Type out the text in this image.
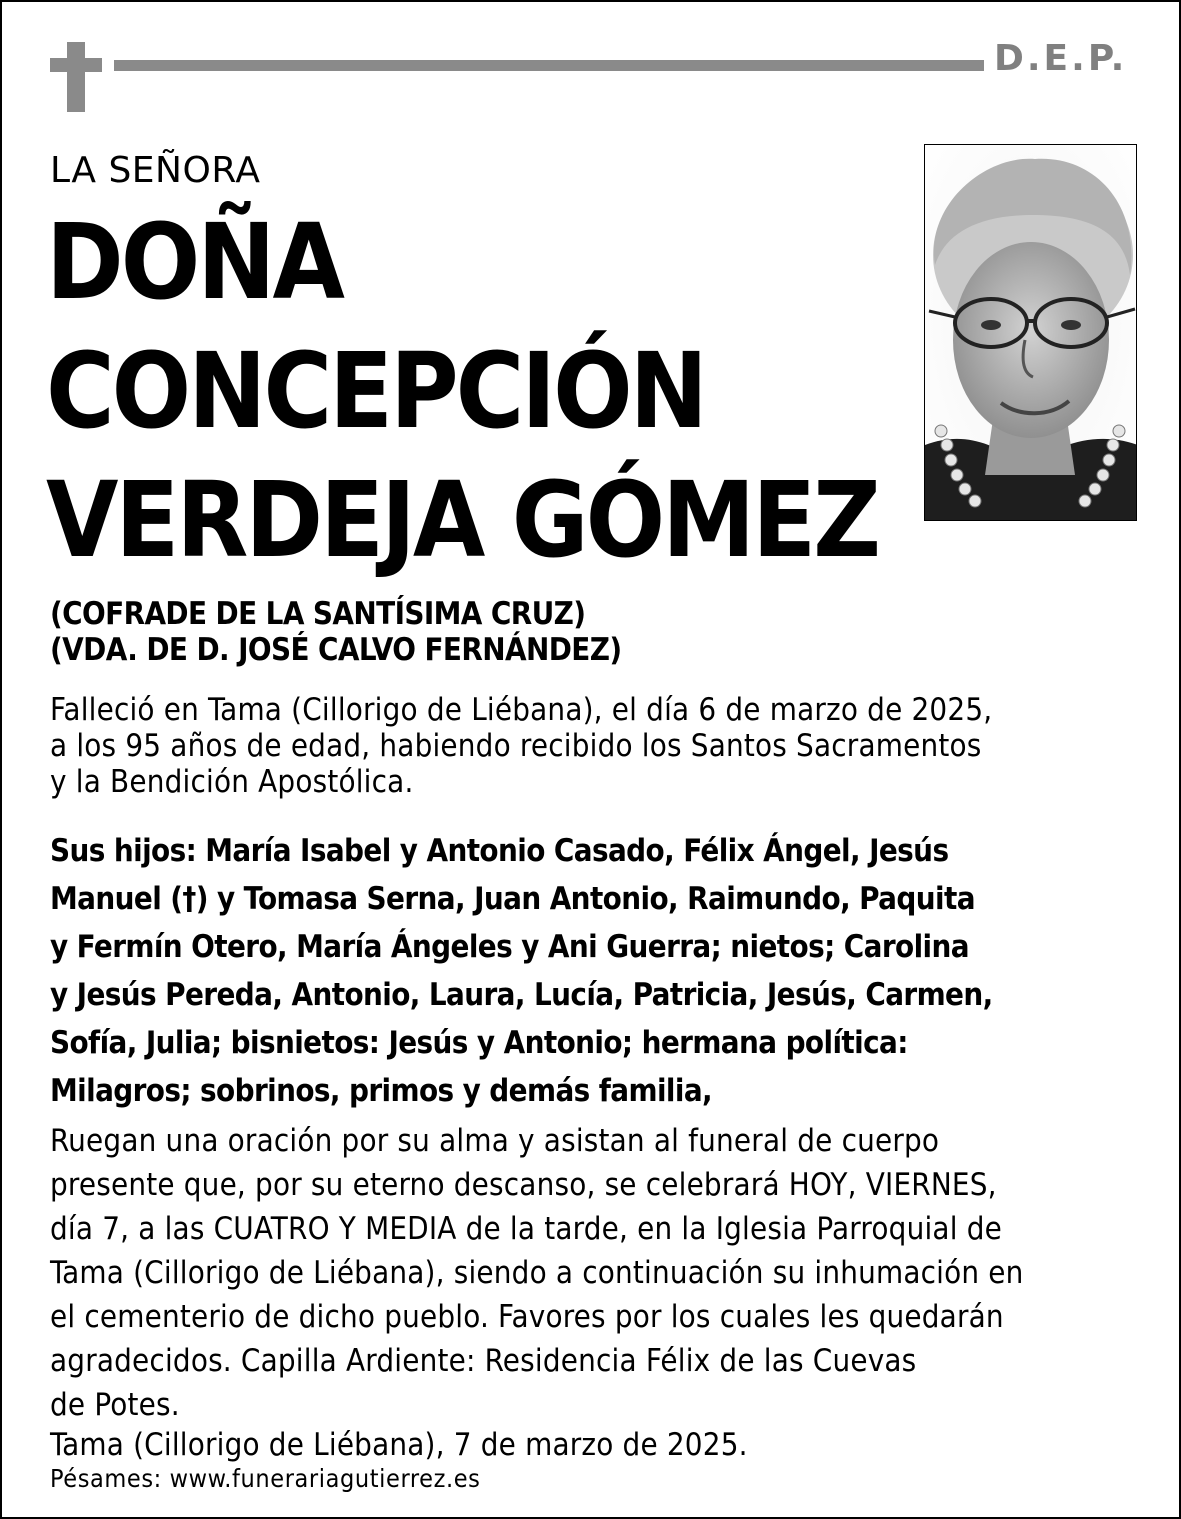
D.E.P.
LA SEÑORA
DOÑA
CONCEPCIÓN
VERDEJA GÓMEZ
(COFRADE DE LA SANTÍSIMA CRUZ)
(VDA. DE D. JOSÉ CALVO FERNÁNDEZ)
Falleció en Tama (Cillorigo de Liébana), el día 6 de marzo de 2025,
a los 95 años de edad, habiendo recibido los Santos Sacramentos
y la Bendición Apostólica.
Sus hijos: María Isabel y Antonio Casado, Félix Ángel, Jesús
Manuel (†) y Tomasa Serna, Juan Antonio, Raimundo, Paquita
y Fermín Otero, María Ángeles y Ani Guerra; nietos; Carolina
y Jesús Pereda, Antonio, Laura, Lucía, Patricia, Jesús, Carmen,
Sofía, Julia; bisnietos: Jesús y Antonio; hermana política:
Milagros; sobrinos, primos y demás familia,
Ruegan una oración por su alma y asistan al funeral de cuerpo
presente que, por su eterno descanso, se celebrará HOY, VIERNES,
día 7, a las CUATRO Y MEDIA de la tarde, en la Iglesia Parroquial de
Tama (Cillorigo de Liébana), siendo a continuación su inhumación en
el cementerio de dicho pueblo. Favores por los cuales les quedarán
agradecidos. Capilla Ardiente: Residencia Félix de las Cuevas
de Potes.
Tama (Cillorigo de Liébana), 7 de marzo de 2025.
Pésames: www.funerariagutierrez.es
